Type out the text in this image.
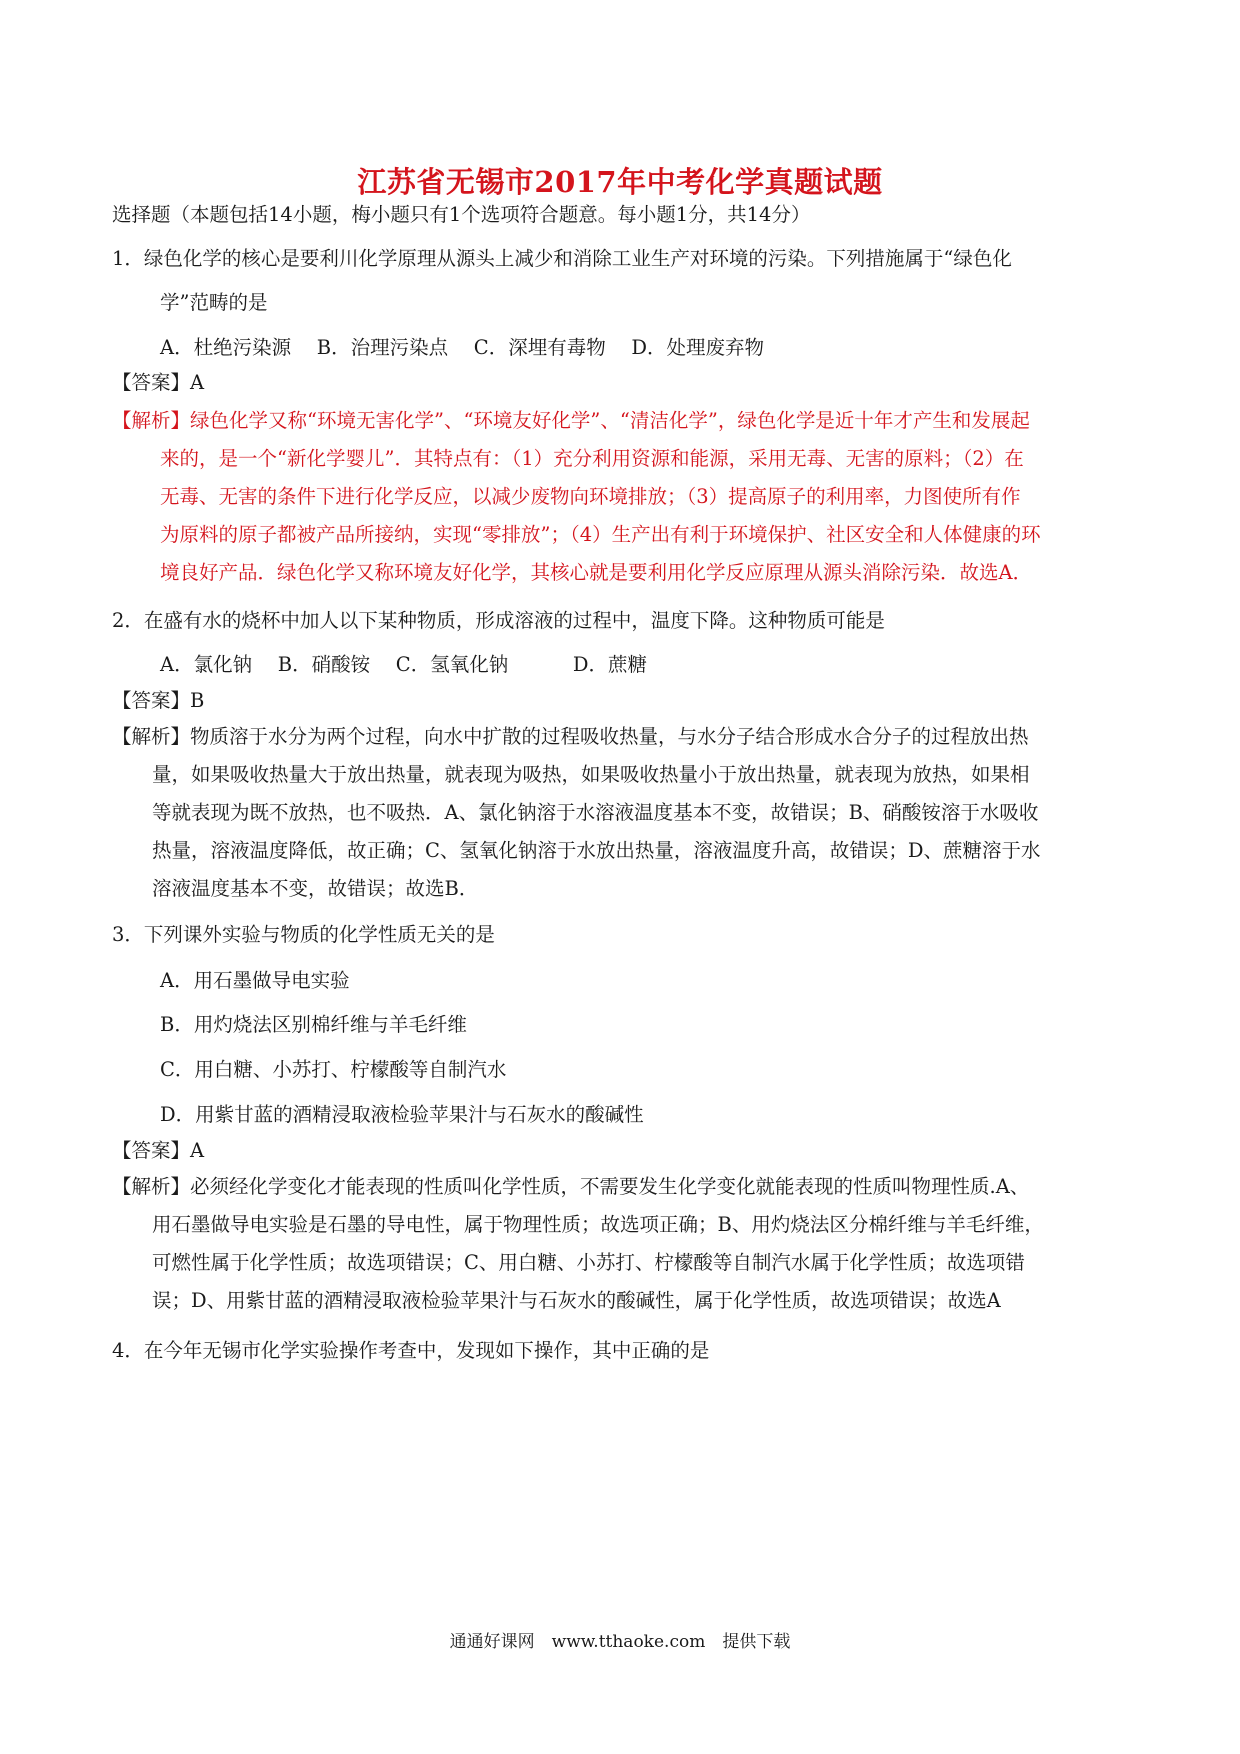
江苏省无锡市2017年中考化学真题试题
选择题（本题包括14小题，梅小题只有1个选项符合题意。每小题1分，共14分）
1．绿色化学的核心是要利川化学原理从源头上减少和消除工业生产对环境的污染。下列措施属于“绿色化
学”范畴的是
A．杜绝污染源　 B．治理污染点　 C．深埋有毒物　 D．处理废弃物
【答案】A
【解析】绿色化学又称“环境无害化学”、“环境友好化学”、“清洁化学”，绿色化学是近十年才产生和发展起
来的，是一个“新化学婴儿”．其特点有：（1）充分利用资源和能源，采用无毒、无害的原料；（2）在
无毒、无害的条件下进行化学反应，以减少废物向环境排放；（3）提高原子的利用率，力图使所有作
为原料的原子都被产品所接纳，实现“零排放”；（4）生产出有利于环境保护、社区安全和人体健康的环
境良好产品．绿色化学又称环境友好化学，其核心就是要利用化学反应原理从源头消除污染．故选A．
2．在盛有水的烧杯中加人以下某种物质，形成溶液的过程中，温度下降。这种物质可能是
A．氯化钠　 B．硝酸铵　 C．氢氧化钠　　　 D．蔗糖
【答案】B
【解析】物质溶于水分为两个过程，向水中扩散的过程吸收热量，与水分子结合形成水合分子的过程放出热
量，如果吸收热量大于放出热量，就表现为吸热，如果吸收热量小于放出热量，就表现为放热，如果相
等就表现为既不放热，也不吸热．A、氯化钠溶于水溶液温度基本不变，故错误；B、硝酸铵溶于水吸收
热量，溶液温度降低，故正确；C、氢氧化钠溶于水放出热量，溶液温度升高，故错误；D、蔗糖溶于水
溶液温度基本不变，故错误；故选B．
3．下列课外实验与物质的化学性质无关的是
A．用石墨做导电实验
B．用灼烧法区别棉纤维与羊毛纤维
C．用白糖、小苏打、柠檬酸等自制汽水
D．用紫甘蓝的酒精浸取液检验苹果汁与石灰水的酸碱性
【答案】A
【解析】必须经化学变化才能表现的性质叫化学性质，不需要发生化学变化就能表现的性质叫物理性质.A、
用石墨做导电实验是石墨的导电性，属于物理性质；故选项正确；B、用灼烧法区分棉纤维与羊毛纤维，
可燃性属于化学性质；故选项错误；C、用白糖、小苏打、柠檬酸等自制汽水属于化学性质；故选项错
误；D、用紫甘蓝的酒精浸取液检验苹果汁与石灰水的酸碱性，属于化学性质，故选项错误；故选A
4．在今年无锡市化学实验操作考查中，发现如下操作，其中正确的是
通通好课网　www.tthaoke.com　提供下载
